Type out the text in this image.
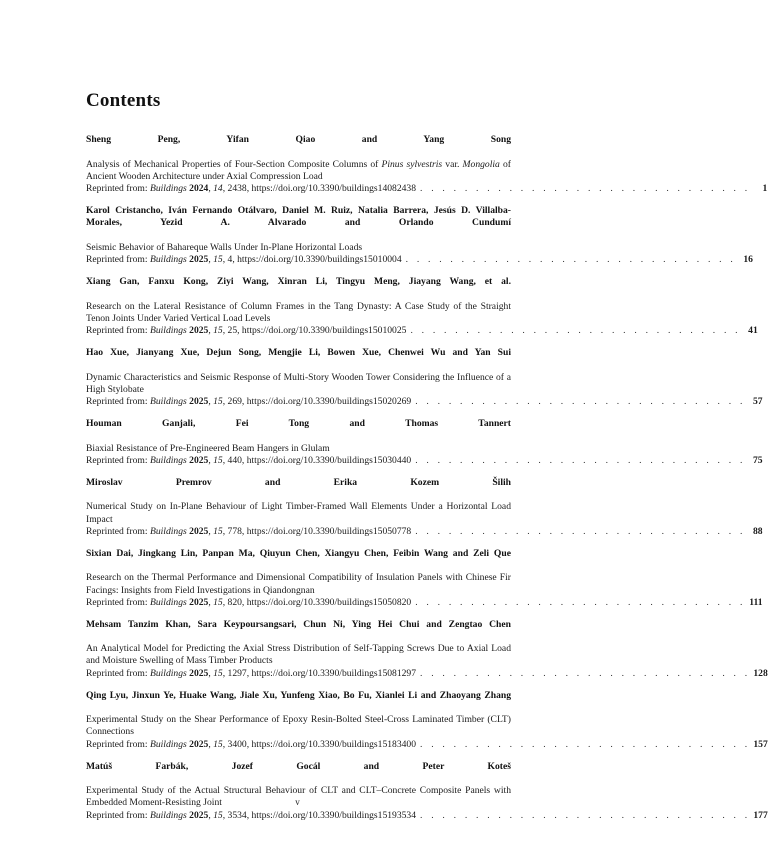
Contents
Sheng Peng, Yifan Qiao and Yang Song
Analysis of Mechanical Properties of Four-Section Composite Columns of Pinus sylvestris var. Mongolia of Ancient Wooden Architecture under Axial Compression Load
Reprinted from: Buildings 2024, 14, 2438, https://doi.org/10.3390/buildings14082438 . . . . . . . . . . . . . . . . . . . . . . . . . . . . . .	1
Karol Cristancho, Iván Fernando Otálvaro, Daniel M. Ruiz, Natalia Barrera, Jesús D. Villalba-Morales, Yezid A. Alvarado and Orlando Cundumí
Seismic Behavior of Bahareque Walls Under In-Plane Horizontal Loads
Reprinted from: Buildings 2025, 15, 4, https://doi.org/10.3390/buildings15010004 . . . . . . . . . . . . . . . . . . . . . . . . . . . . . . 16
Xiang Gan, Fanxu Kong, Ziyi Wang, Xinran Li, Tingyu Meng, Jiayang Wang, et al.
Research on the Lateral Resistance of Column Frames in the Tang Dynasty: A Case Study of the Straight Tenon Joints Under Varied Vertical Load Levels
Reprinted from: Buildings 2025, 15, 25, https://doi.org/10.3390/buildings15010025 . . . . . . . . . . . . . . . . . . . . . . . . . . . . . . 41
Hao Xue, Jianyang Xue, Dejun Song, Mengjie Li, Bowen Xue, Chenwei Wu and Yan Sui
Dynamic Characteristics and Seismic Response of Multi-Story Wooden Tower Considering the Influence of a High Stylobate
Reprinted from: Buildings 2025, 15, 269, https://doi.org/10.3390/buildings15020269 . . . . . . . . . . . . . . . . . . . . . . . . . . . . . . 57
Houman Ganjali, Fei Tong and Thomas Tannert
Biaxial Resistance of Pre-Engineered Beam Hangers in Glulam
Reprinted from: Buildings 2025, 15, 440, https://doi.org/10.3390/buildings15030440 . . . . . . . . . . . . . . . . . . . . . . . . . . . . . . 75
Miroslav Premrov and Erika Kozem Šilih
Numerical Study on In-Plane Behaviour of Light Timber-Framed Wall Elements Under a Horizontal Load Impact
Reprinted from: Buildings 2025, 15, 778, https://doi.org/10.3390/buildings15050778 . . . . . . . . . . . . . . . . . . . . . . . . . . . . . . 88
Sixian Dai, Jingkang Lin, Panpan Ma, Qiuyun Chen, Xiangyu Chen, Feibin Wang and Zeli Que
Research on the Thermal Performance and Dimensional Compatibility of Insulation Panels with Chinese Fir Facings: Insights from Field Investigations in Qiandongnan
Reprinted from: Buildings 2025, 15, 820, https://doi.org/10.3390/buildings15050820 . . . . . . . . . . . . . . . . . . . . . . . . . . . . . . 111
Mehsam Tanzim Khan, Sara Keypoursangsari, Chun Ni, Ying Hei Chui and Zengtao Chen
An Analytical Model for Predicting the Axial Stress Distribution of Self-Tapping Screws Due to Axial Load and Moisture Swelling of Mass Timber Products
Reprinted from: Buildings 2025, 15, 1297, https://doi.org/10.3390/buildings15081297 . . . . . . . . . . . . . . . . . . . . . . . . . . . . . . 128
Qing Lyu, Jinxun Ye, Huake Wang, Jiale Xu, Yunfeng Xiao, Bo Fu, Xianlei Li and Zhaoyang Zhang
Experimental Study on the Shear Performance of Epoxy Resin-Bolted Steel-Cross Laminated Timber (CLT) Connections
Reprinted from: Buildings 2025, 15, 3400, https://doi.org/10.3390/buildings15183400 . . . . . . . . . . . . . . . . . . . . . . . . . . . . . . 157
Matúš Farbák, Jozef Gocál and Peter Koteš
Experimental Study of the Actual Structural Behaviour of CLT and CLT–Concrete Composite Panels with Embedded Moment-Resisting Joint
Reprinted from: Buildings 2025, 15, 3534, https://doi.org/10.3390/buildings15193534 . . . . . . . . . . . . . . . . . . . . . . . . . . . . . . 177
v
